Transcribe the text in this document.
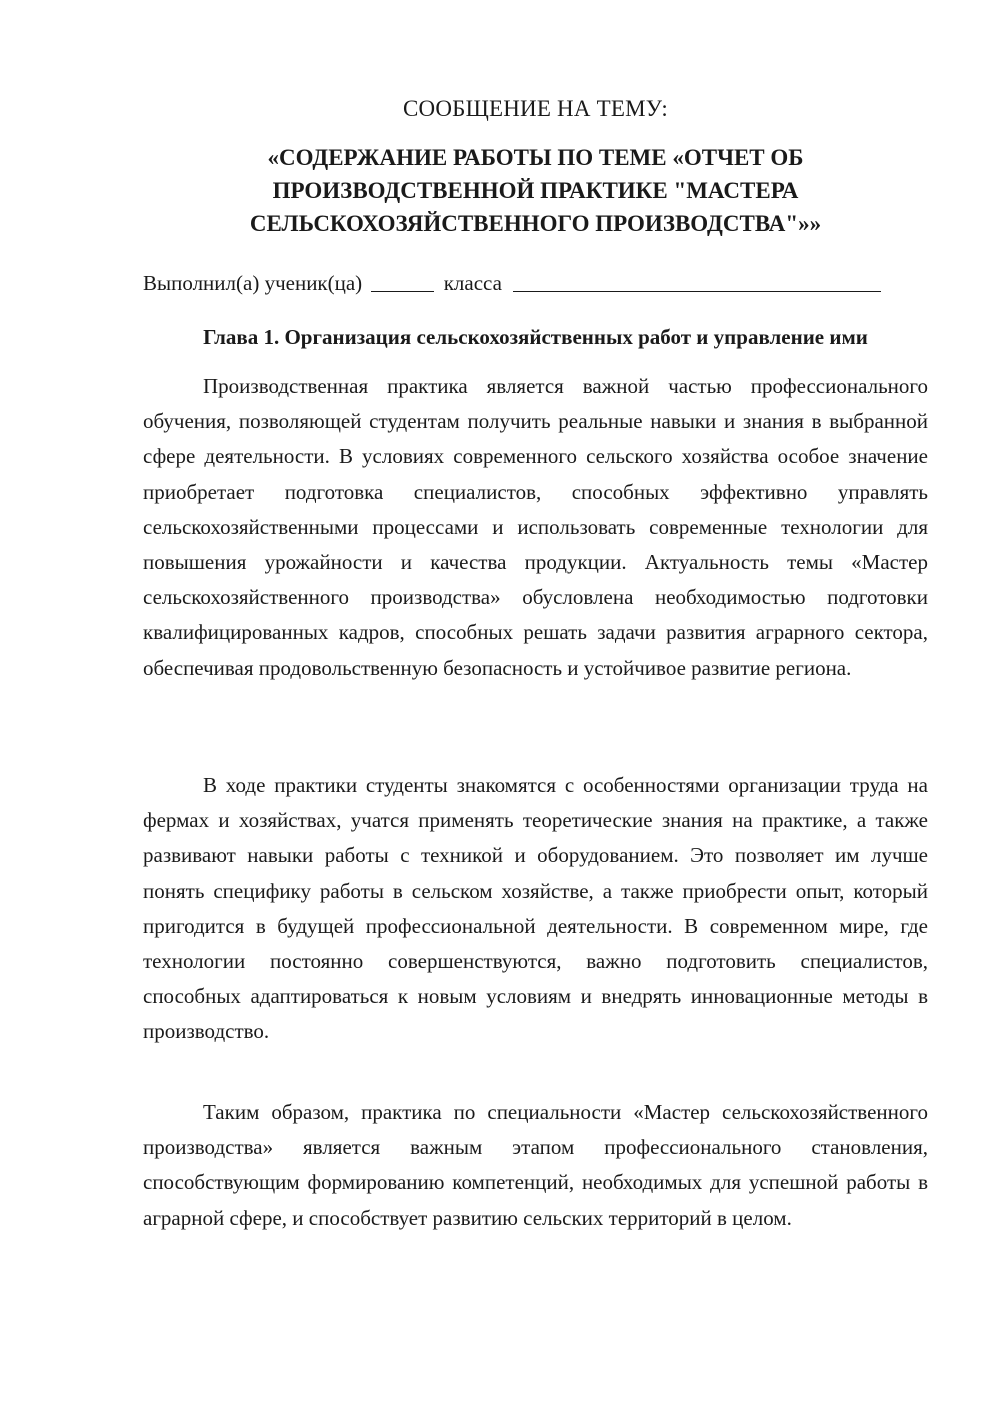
СООБЩЕНИЕ НА ТЕМУ:
«СОДЕРЖАНИЕ РАБОТЫ ПО ТЕМЕ «ОТЧЕТ ОБ ПРОИЗВОДСТВЕННОЙ ПРАКТИКЕ "МАСТЕРА СЕЛЬСКОХОЗЯЙСТВЕННОГО ПРОИЗВОДСТВА"»»
Выполнил(а) ученик(ца)	класса
Глава 1. Организация сельскохозяйственных работ и управление ими

Производственная практика является важной частью профессионального обучения, позволяющей студентам получить реальные навыки и знания в выбранной сфере деятельности. В условиях современного сельского хозяйства особое значение приобретает подготовка специалистов, способных эффективно управлять сельскохозяйственными процессами и использовать современные технологии для повышения урожайности и качества продукции. Актуальность темы «Мастер сельскохозяйственного производства» обусловлена необходимостью подготовки квалифицированных кадров, способных решать задачи развития аграрного сектора, обеспечивая продовольственную безопасность и устойчивое развитие региона.

В ходе практики студенты знакомятся с особенностями организации труда на фермах и хозяйствах, учатся применять теоретические знания на практике, а также развивают навыки работы с техникой и оборудованием. Это позволяет им лучше понять специфику работы в сельском хозяйстве, а также приобрести опыт, который пригодится в будущей профессиональной деятельности. В современном мире, где технологии постоянно совершенствуются, важно подготовить специалистов, способных адаптироваться к новым условиям и внедрять инновационные методы в производство.

Таким образом, практика по специальности «Мастер сельскохозяйственного производства» является важным этапом профессионального становления, способствующим формированию компетенций, необходимых для успешной работы в аграрной сфере, и способствует развитию сельских территорий в целом.
